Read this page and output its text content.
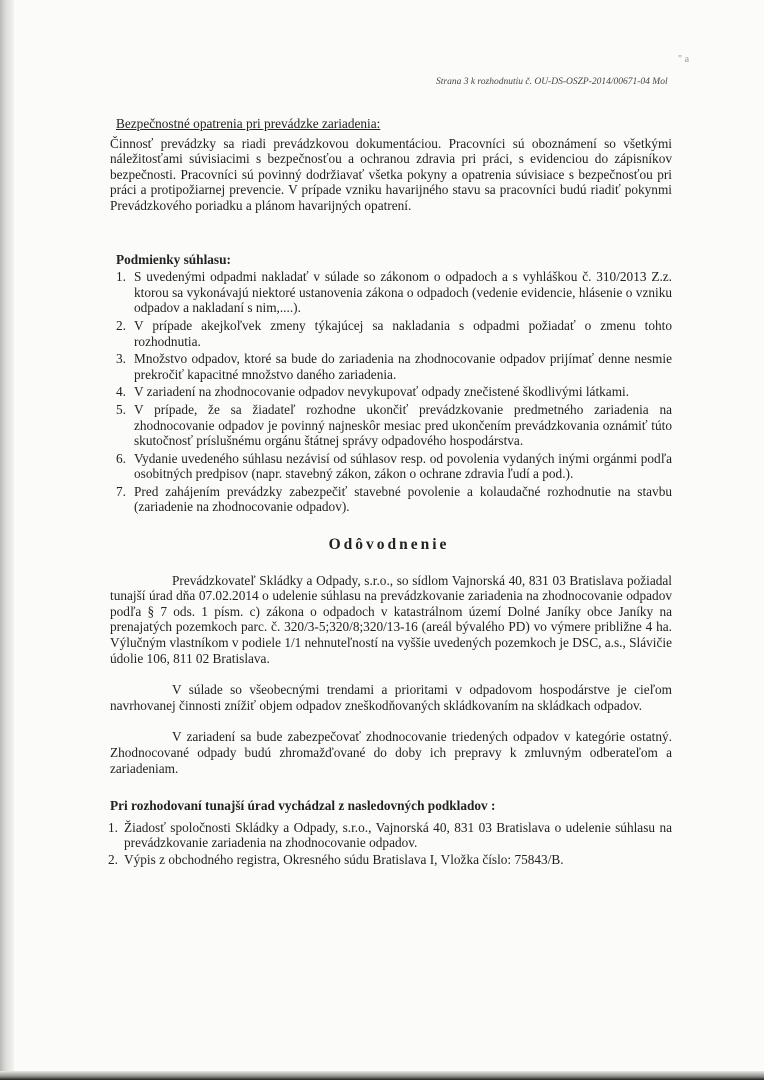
" a
Strana 3 k rozhodnutiu č. OU-DS-OSZP-2014/00671-04 Mol
Bezpečnostné opatrenia pri prevádzke zariadenia:

Činnosť prevádzky sa riadi prevádzkovou dokumentáciou. Pracovníci sú oboznámení so všetkými náležitosťami súvisiacimi s bezpečnosťou a ochranou zdravia pri práci, s evidenciou do zápisníkov bezpečnosti. Pracovníci sú povinný dodržiavať všetka pokyny a opatrenia súvisiace s bezpečnosťou pri práci a protipožiarnej prevencie. V prípade vzniku havarijného stavu sa pracovníci budú riadiť pokynmi Prevádzkového poriadku a plánom havarijných opatrení.

Podmienky súhlasu:
1. S uvedenými odpadmi nakladať v súlade so zákonom o odpadoch a s vyhláškou č. 310/2013 Z.z. ktorou sa vykonávajú niektoré ustanovenia zákona o odpadoch (vedenie evidencie, hlásenie o vzniku odpadov a nakladaní s nim,....).
2. V prípade akejkoľvek zmeny týkajúcej sa nakladania s odpadmi požiadať o zmenu tohto rozhodnutia.
3. Množstvo odpadov, ktoré sa bude do zariadenia na zhodnocovanie odpadov prijímať denne nesmie prekročiť kapacitné množstvo daného zariadenia.
4. V zariadení na zhodnocovanie odpadov nevykupovať odpady znečistené škodlivými látkami.
5. V prípade, že sa žiadateľ rozhodne ukončiť prevádzkovanie predmetného zariadenia na zhodnocovanie odpadov je povinný najneskôr mesiac pred ukončením prevádzkovania oznámiť túto skutočnosť príslušnému orgánu štátnej správy odpadového hospodárstva.
6. Vydanie uvedeného súhlasu nezávisí od súhlasov resp. od povolenia vydaných inými orgánmi podľa osobitných predpisov (napr. stavebný zákon, zákon o ochrane zdravia ľudí a pod.).
7. Pred zahájením prevádzky zabezpečiť stavebné povolenie a kolaudačné rozhodnutie na stavbu (zariadenie na zhodnocovanie odpadov).
Odôvodnenie

Prevádzkovateľ Skládky a Odpady, s.r.o., so sídlom Vajnorská 40, 831 03 Bratislava požiadal tunajší úrad dňa 07.02.2014 o udelenie súhlasu na prevádzkovanie zariadenia na zhodnocovanie odpadov podľa § 7 ods. 1 písm. c) zákona o odpadoch v katastrálnom území Dolné Janíky obce Janíky na prenajatých pozemkoch parc. č. 320/3-5;320/8;320/13-16 (areál bývalého PD) vo výmere približne 4 ha. Výlučným vlastníkom v podiele 1/1 nehnuteľností na vyššie uvedených pozemkoch je DSC, a.s., Slávičie údolie 106, 811 02 Bratislava.

V súlade so všeobecnými trendami a prioritami v odpadovom hospodárstve je cieľom navrhovanej činnosti znížiť objem odpadov zneškodňovaných skládkovaním na skládkach odpadov.

V zariadení sa bude zabezpečovať zhodnocovanie triedených odpadov v kategórie ostatný. Zhodnocované odpady budú zhromažďované do doby ich prepravy k zmluvným odberateľom a zariadeniam.

Pri rozhodovaní tunajší úrad vychádzal z nasledovných podkladov :
1. Žiadosť spoločnosti Skládky a Odpady, s.r.o., Vajnorská 40, 831 03 Bratislava o udelenie súhlasu na prevádzkovanie zariadenia na zhodnocovanie odpadov.
2. Výpis z obchodného registra, Okresného súdu Bratislava I, Vložka číslo: 75843/B.
